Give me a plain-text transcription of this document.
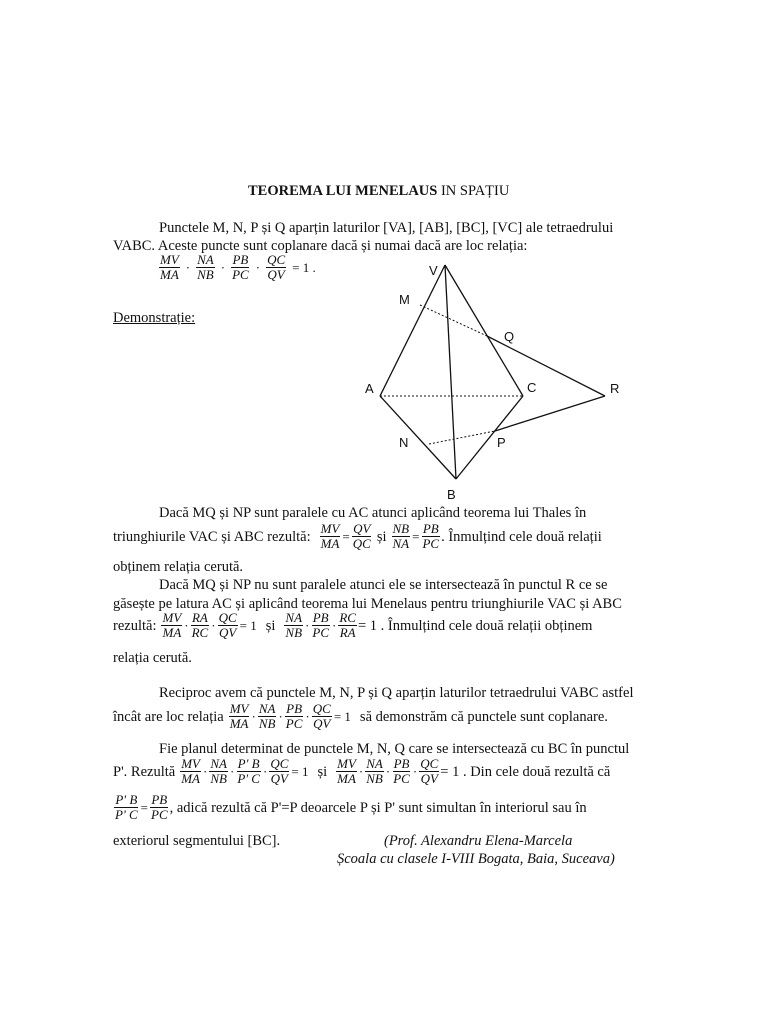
TEOREMA LUI MENELAUS IN SPAȚIU
Punctele M, N, P și Q aparțin laturilor [VA], [AB], [BC], [VC] ale tetraedrului
VABC. Aceste puncte sunt coplanare dacă și numai dacă are loc relația:
$\frac{MV}{MA} \cdot \frac{NA}{NB} \cdot \frac{PB}{PC} \cdot \frac{QC}{QV} = 1$ .
Demonstrație:
V
M
Q
A	C	R
N	P
B
Dacă MQ și NP sunt paralele cu AC atunci aplicând teorema lui Thales în
triunghiurile VAC și ABC rezultă:
$\frac{MV}{MA} = \frac{QV}{QC}$
și
$\frac{NB}{NA} = \frac{PB}{PC}$ . Înmulțind cele două relații
obținem relația cerută.
Dacă MQ și NP nu sunt paralele atunci ele se intersectează în punctul R ce se
găsește pe latura AC și aplicând teorema lui Menelaus pentru triunghiurile VAC și ABC
rezultă:
$\frac{MV}{MA} \cdot \frac{RA}{RC} \cdot \frac{QC}{QV} = 1$
și
$\frac{NA}{NB} \cdot \frac{PB}{PC} \cdot \frac{RC}{RA} = 1$ . Înmulțind cele două relații obținem
relația cerută.
Reciproc avem că punctele M, N, P și Q aparțin laturilor tetraedrului VABC astfel
încât are loc relația
$\frac{MV}{MA} \cdot \frac{NA}{NB} \cdot \frac{PB}{PC} \cdot \frac{QC}{QV} = 1$
să demonstrăm că punctele sunt coplanare.
Fie planul determinat de punctele M, N, Q care se intersectează cu BC în punctul
P'. Rezultă
$\frac{MV}{MA} \cdot \frac{NA}{NB} \cdot \frac{P' B}{P' C} \cdot \frac{QC}{QV} = 1$
și
$\frac{MV}{MA} \cdot \frac{NA}{NB} \cdot \frac{PB}{PC} \cdot \frac{QC}{QV} = 1$ . Din cele două rezultă că
$\frac{P' B}{P' C} = \frac{PB}{PC}$ , adică rezultă că P'=P deoarcele P și P' sunt simultan în interiorul sau în
exteriorul segmentului [BC].	(Prof. Alexandru Elena-Marcela
Școala cu clasele I-VIII Bogata, Baia, Suceava)
